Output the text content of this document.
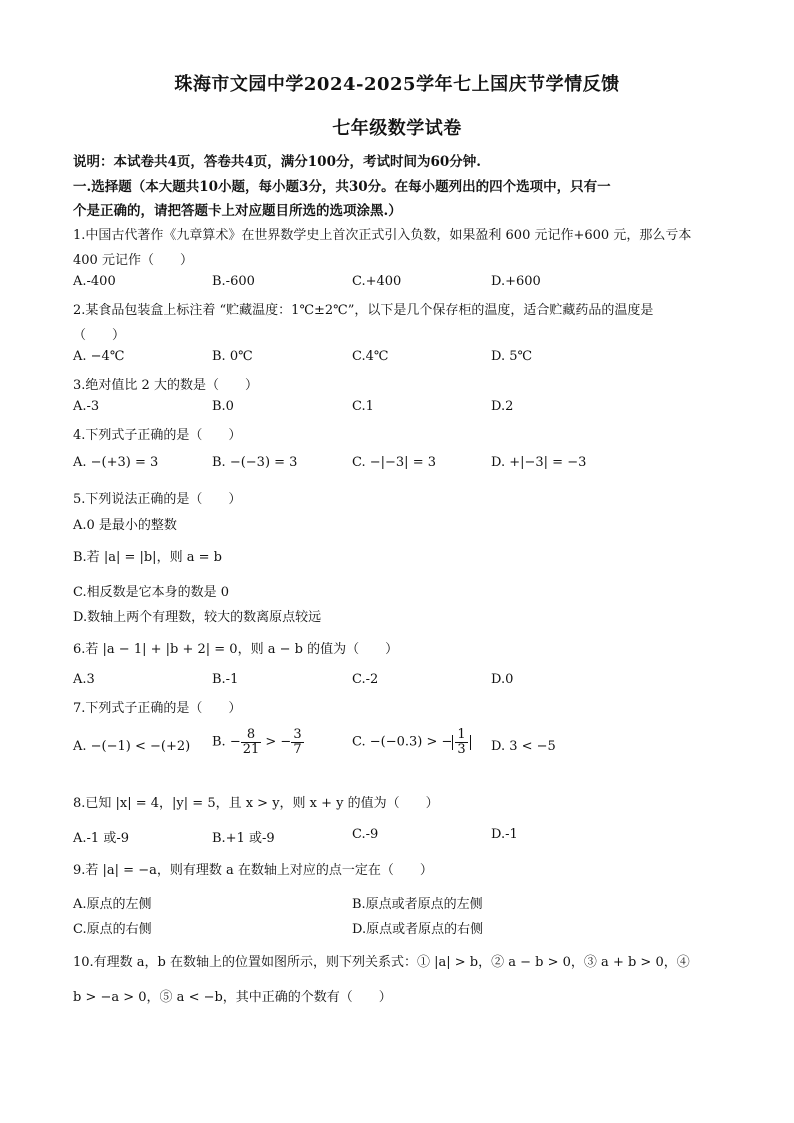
珠海市文园中学2024-2025学年七上国庆节学情反馈
七年级数学试卷
说明：本试卷共4页，答卷共4页，满分100分，考试时间为60分钟.
一.选择题（本大题共10小题，每小题3分，共30分。在每小题列出的四个选项中，只有一
个是正确的，请把答题卡上对应题目所选的选项涂黑.）
1.中国古代著作《九章算术》在世界数学史上首次正式引入负数，如果盈利 600 元记作+600 元，那么亏本
400 元记作（　　）
A.-400	B.-600	C.+400	D.+600
2.某食品包装盒上标注着 “贮藏温度：1℃±2℃”，以下是几个保存柜的温度，适合贮藏药品的温度是
（　　）
A. −4℃	B. 0℃	C.4℃	D. 5℃
3.绝对值比 2 大的数是（　　）
A.-3	B.0	C.1	D.2
4.下列式子正确的是（　　）
A. −(+3) = 3	B. −(−3) = 3	C. −|−3| = 3	D. +|−3| = −3
5.下列说法正确的是（　　）
A.0 是最小的整数
B.若 |a| = |b|，则 a = b
C.相反数是它本身的数是 0
D.数轴上两个有理数，较大的数离原点较远
6.若 |a − 1| + |b + 2| = 0，则 a − b 的值为（　　）
A.3	B.-1	C.-2	D.0
7.下列式子正确的是（　　）
A. −(−1) < −(+2) B. − $\frac{8}{21}$ > − $\frac{3}{7}$	C. −(−0.3) > − $\frac{1}{3} D$. 3 < −5
8.已知 |x| = 4，|y| = 5，且 x > y，则 x + y 的值为（　　）
A.-1 或-9	B.+1 或-9	C.-9	D.-1
9.若 |a| = −a，则有理数 a 在数轴上对应的点一定在（　　）
A.原点的左侧	B.原点或者原点的左侧
C.原点的右侧	D.原点或者原点的右侧
10.有理数 a，b 在数轴上的位置如图所示，则下列关系式：① |a| > b，② a − b > 0，③ a + b > 0，④
b > −a > 0，⑤ a < −b，其中正确的个数有（　　）
